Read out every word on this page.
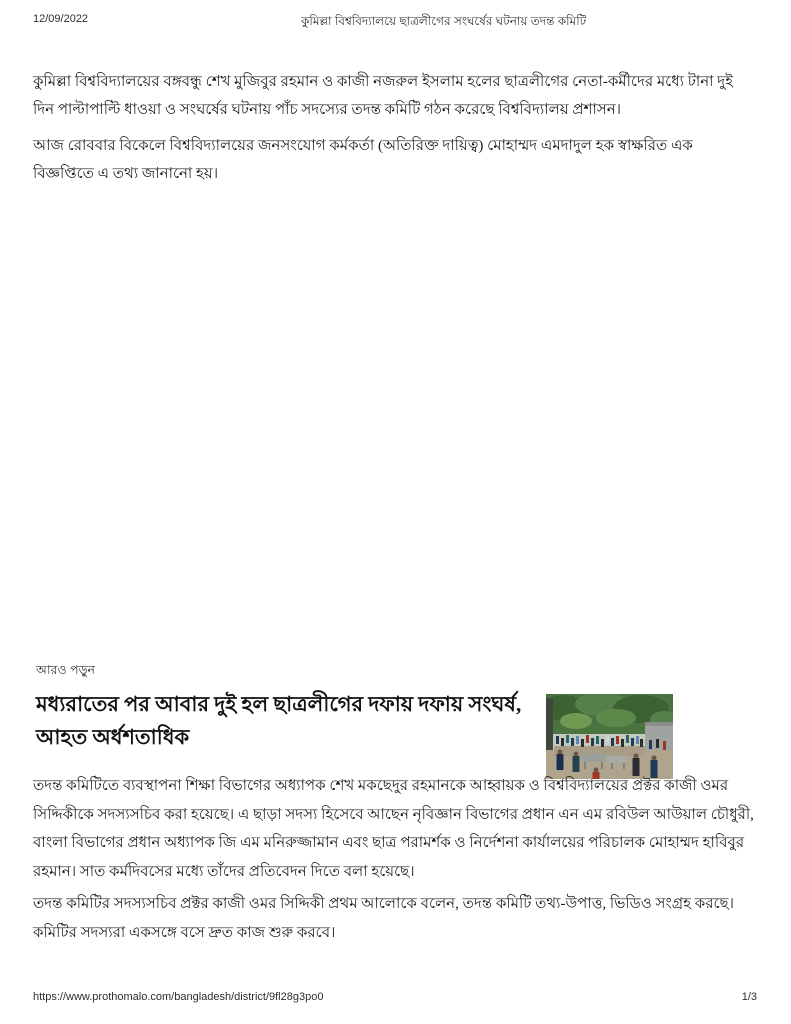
12/09/2022	কুমিল্লা বিশ্ববিদ্যালয়ে ছাত্রলীগের সংঘর্ষের ঘটনায় তদন্ত কমিটি

কুমিল্লা বিশ্ববিদ্যালয়ের বঙ্গবন্ধু শেখ মুজিবুর রহমান ও কাজী নজরুল ইসলাম হলের ছাত্রলীগের নেতা-কর্মীদের মধ্যে টানা দুই দিন পাল্টাপাল্টি ধাওয়া ও সংঘর্ষের ঘটনায় পাঁচ সদস্যের তদন্ত কমিটি গঠন করেছে বিশ্ববিদ্যালয় প্রশাসন।

আজ রোববার বিকেলে বিশ্ববিদ্যালয়ের জনসংযোগ কর্মকর্তা (অতিরিক্ত দায়িত্ব) মোহাম্মদ এমদাদুল হক স্বাক্ষরিত এক বিজ্ঞপ্তিতে এ তথ্য জানানো হয়।

আরও পড়ুন

মধ্যরাতের পর আবার দুই হল ছাত্রলীগের দফায় দফায় সংঘর্ষ, আহত অর্ধশতাধিক

তদন্ত কমিটিতে ব্যবস্থাপনা শিক্ষা বিভাগের অধ্যাপক শেখ মকছেদুর রহমানকে আহ্বায়ক ও বিশ্ববিদ্যালয়ের প্রক্টর কাজী ওমর সিদ্দিকীকে সদস্যসচিব করা হয়েছে। এ ছাড়া সদস্য হিসেবে আছেন নৃবিজ্ঞান বিভাগের প্রধান এন এম রবিউল আউয়াল চৌধুরী, বাংলা বিভাগের প্রধান অধ্যাপক জি এম মনিরুজ্জামান এবং ছাত্র পরামর্শক ও নির্দেশনা কার্যালয়ের পরিচালক মোহাম্মদ হাবিবুর রহমান। সাত কর্মদিবসের মধ্যে তাঁদের প্রতিবেদন দিতে বলা হয়েছে।

তদন্ত কমিটির সদস্যসচিব প্রক্টর কাজী ওমর সিদ্দিকী প্রথম আলোকে বলেন, তদন্ত কমিটি তথ্য-উপাত্ত, ভিডিও সংগ্রহ করছে। কমিটির সদস্যরা একসঙ্গে বসে দ্রুত কাজ শুরু করবে।

https://www.prothomalo.com/bangladesh/district/9fl28g3po0	1/3
